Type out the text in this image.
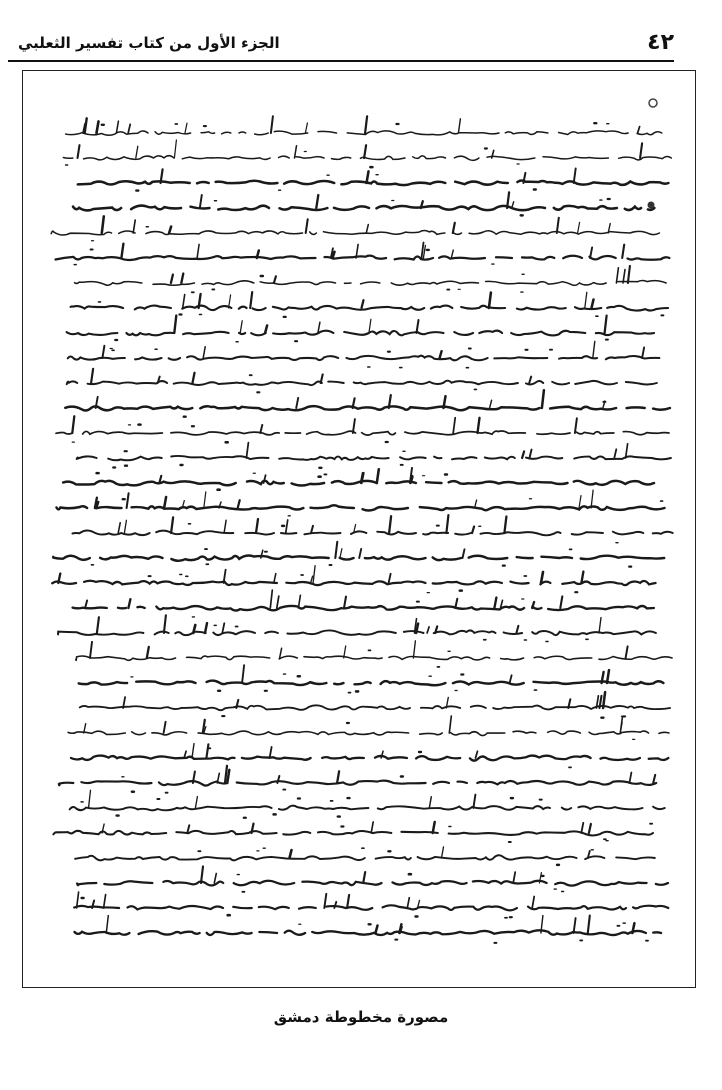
٤٢
الجزء الأول من كتاب تفسير الثعلبي
مصورة مخطوطة دمشق
